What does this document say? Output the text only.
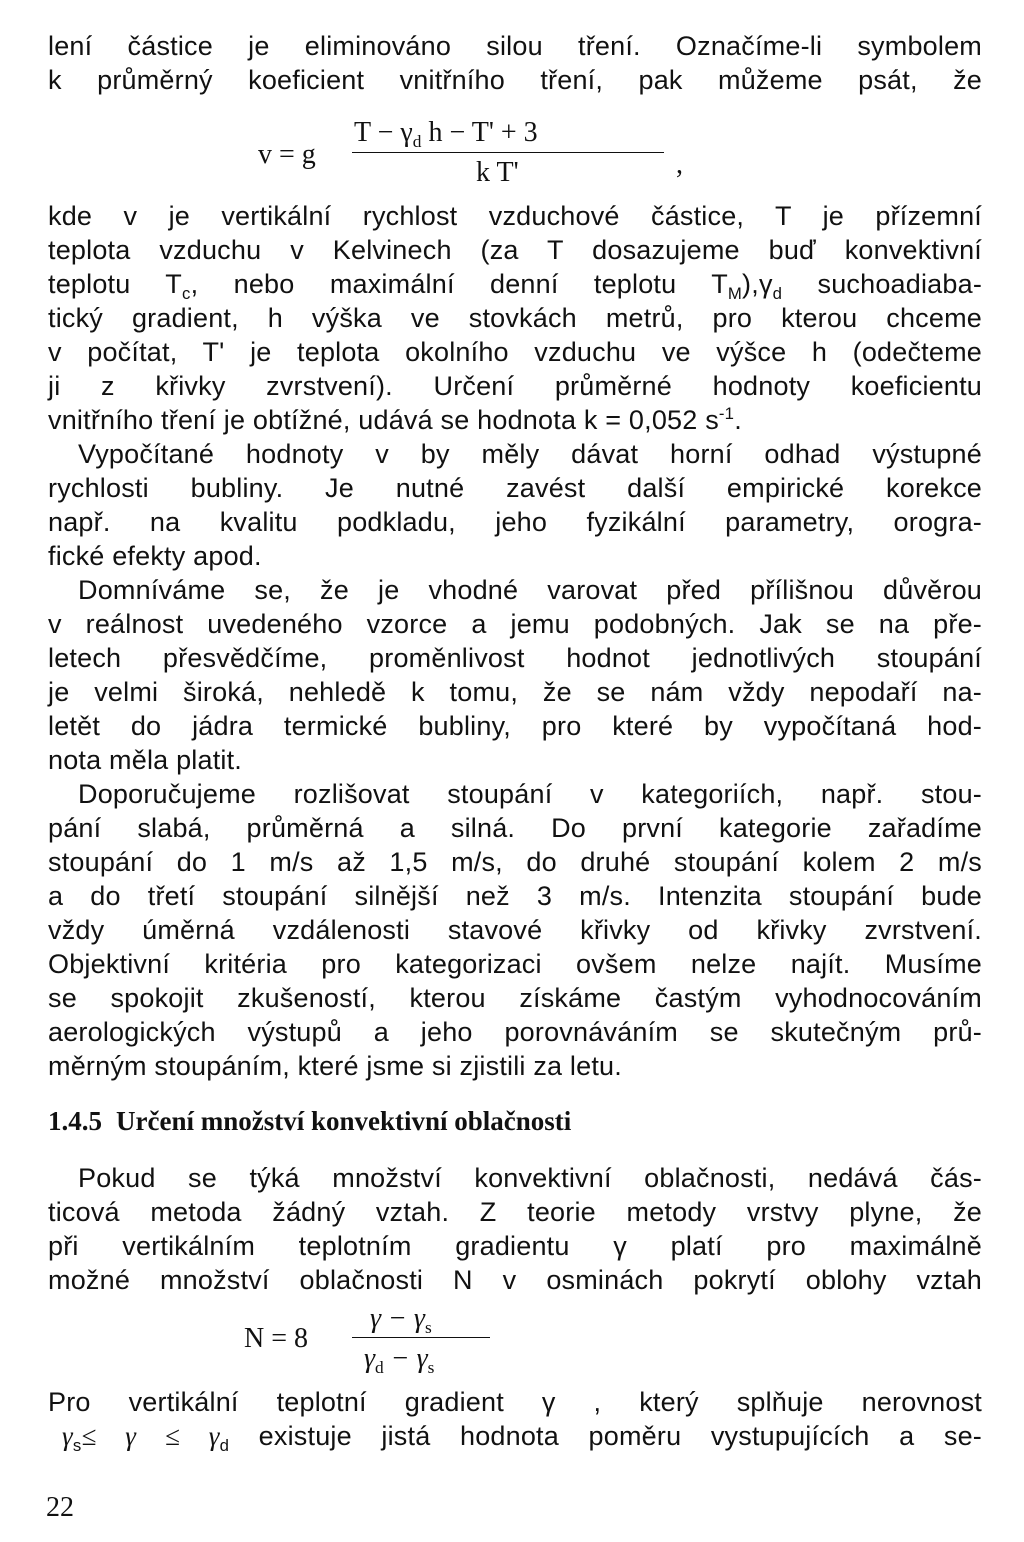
lení částice je eliminováno silou tření. Označíme-li symbolem
k průměrný koeficient vnitřního tření, pak můžeme psát, že
v = g
$T - \gamma_d$ h − T' + 3
k T'	,
kde v je vertikální rychlost vzduchové částice, T je přízemní
teplota vzduchu v Kelvinech (za T dosazujeme buď konvektivní
teplotu $T_c$, nebo maximální denní teplotu $T_M),\gamma_d$ suchoadiaba-
tický gradient, h výška ve stovkách metrů, pro kterou chceme
v počítat, T' je teplota okolního vzduchu ve výšce h (odečteme
ji z křivky zvrstvení). Určení průměrné hodnoty koeficientu
vnitřního tření je obtížné, udává se hodnota k = 0,052 $s^{-1}$.
Vypočítané hodnoty v by měly dávat horní odhad výstupné
rychlosti bubliny. Je nutné zavést další empirické korekce
např. na kvalitu podkladu, jeho fyzikální parametry, orogra-
fické efekty apod.
Domníváme se, že je vhodné varovat před přílišnou důvěrou
v reálnost uvedeného vzorce a jemu podobných. Jak se na pře-
letech přesvědčíme, proměnlivost hodnot jednotlivých stoupání
je velmi široká, nehledě k tomu, že se nám vždy nepodaří na-
letět do jádra termické bubliny, pro které by vypočítaná hod-
nota měla platit.
Doporučujeme rozlišovat stoupání v kategoriích, např. stou-
pání slabá, průměrná a silná. Do první kategorie zařadíme
stoupání do 1 m/s až 1,5 m/s, do druhé stoupání kolem 2 m/s
a do třetí stoupání silnější než 3 m/s. Intenzita stoupání bude
vždy úměrná vzdálenosti stavové křivky od křivky zvrstvení.
Objektivní kritéria pro kategorizaci ovšem nelze najít. Musíme
se spokojit zkušeností, kterou získáme častým vyhodnocováním
aerologických výstupů a jeho porovnáváním se skutečným prů-
měrným stoupáním, které jsme si zjistili za letu.
1.4.5 Určení množství konvektivní oblačnosti
Pokud se týká množství konvektivní oblačnosti, nedává čás-
ticová metoda žádný vztah. Z teorie metody vrstvy plyne, že
při vertikálním teplotním gradientu γ platí pro maximálně
možné množství oblačnosti N v osminách pokrytí oblohy vztah
N = 8
$\gamma - \gamma_s$
$\gamma_d - \gamma_s$
Pro vertikální teplotní gradient γ , který splňuje nerovnost
$\gamma_s\le \gamma \le \gamma_d$ existuje jistá hodnota poměru vystupujících a se-
22
